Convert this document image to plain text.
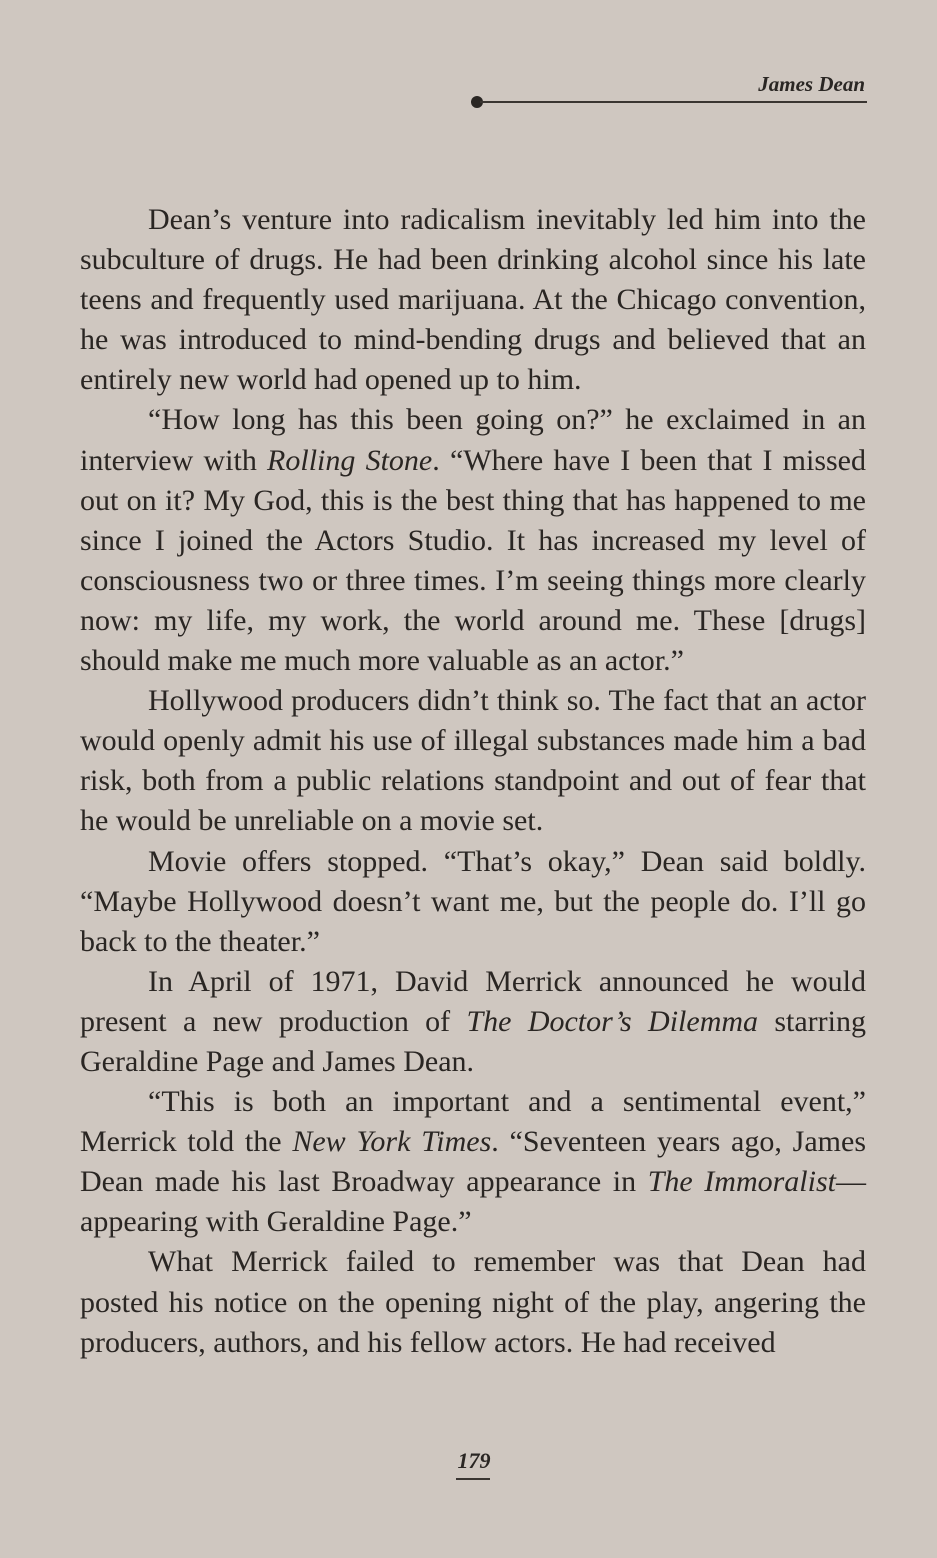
James Dean

Dean’s venture into radicalism inevitably led him into the subculture of drugs. He had been drinking alcohol since his late teens and frequently used marijuana. At the Chicago convention, he was introduced to mind-bending drugs and believed that an entirely new world had opened up to him.

“How long has this been going on?” he exclaimed in an interview with Rolling Stone. “Where have I been that I missed out on it? My God, this is the best thing that has happened to me since I joined the Actors Studio. It has increased my level of consciousness two or three times. I’m seeing things more clearly now: my life, my work, the world around me. These [drugs] should make me much more valuable as an actor.”

Hollywood producers didn’t think so. The fact that an actor would openly admit his use of illegal substances made him a bad risk, both from a public relations standpoint and out of fear that he would be unreliable on a movie set.

Movie offers stopped. “That’s okay,” Dean said boldly. “Maybe Hollywood doesn’t want me, but the people do. I’ll go back to the theater.”

In April of 1971, David Merrick announced he would present a new production of The Doctor’s Dilemma starring Geraldine Page and James Dean.

“This is both an important and a sentimental event,” Merrick told the New York Times. “Seventeen years ago, James Dean made his last Broadway appearance in The Immoralist— appearing with Geraldine Page.”

What Merrick failed to remember was that Dean had posted his notice on the opening night of the play, angering the producers, authors, and his fellow actors. He had received

179
